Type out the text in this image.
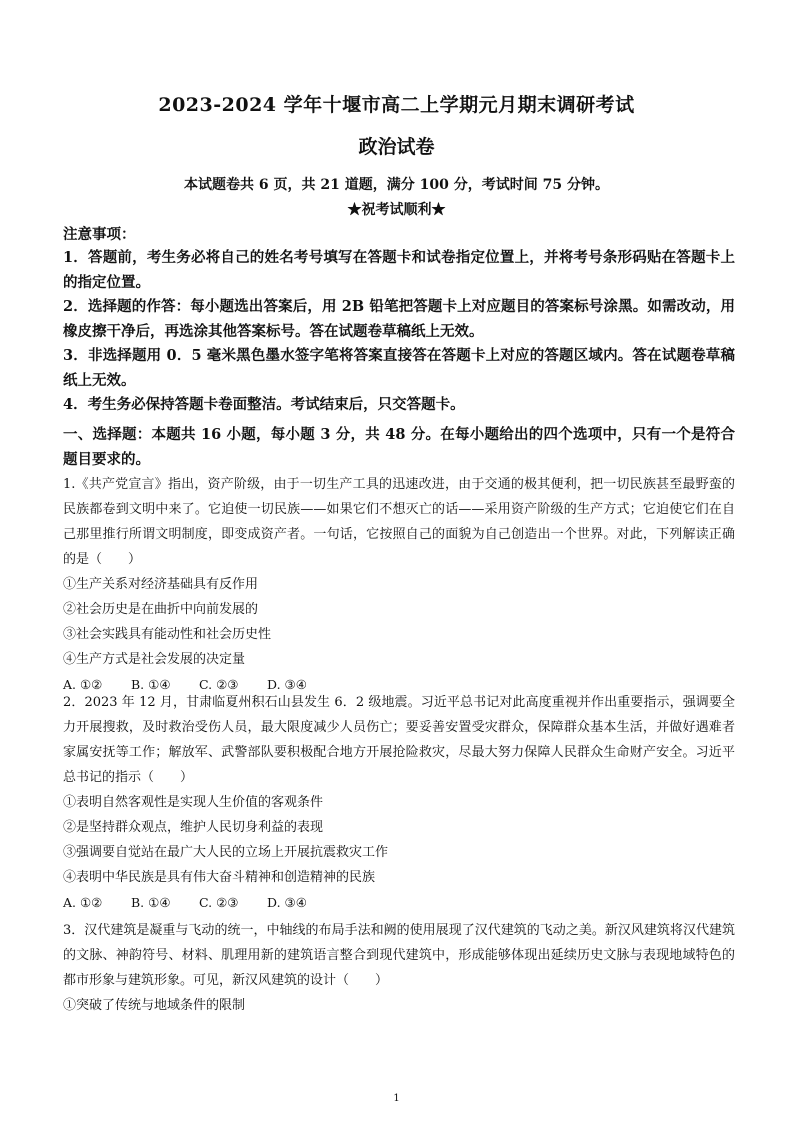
2023-2024 学年十堰市高二上学期元月期末调研考试
政治试卷
本试题卷共 6 页，共 21 道题，满分 100 分，考试时间 75 分钟。
★祝考试顺利★
注意事项：

1．答题前，考生务必将自己的姓名考号填写在答题卡和试卷指定位置上，并将考号条形码贴在答题卡上的指定位置。

2．选择题的作答：每小题选出答案后，用 2B 铅笔把答题卡上对应题目的答案标号涂黑。如需改动，用橡皮擦干净后，再选涂其他答案标号。答在试题卷草稿纸上无效。

3．非选择题用 0．5 毫米黑色墨水签字笔将答案直接答在答题卡上对应的答题区域内。答在试题卷草稿纸上无效。

4．考生务必保持答题卡卷面整洁。考试结束后，只交答题卡。

一、选择题：本题共 16 小题，每小题 3 分，共 48 分。在每小题给出的四个选项中，只有一个是符合题目要求的。

1.《共产党宣言》指出，资产阶级，由于一切生产工具的迅速改进，由于交通的极其便利，把一切民族甚至最野蛮的民族都卷到文明中来了。它迫使一切民族——如果它们不想灭亡的话——采用资产阶级的生产方式；它迫使它们在自己那里推行所谓文明制度，即变成资产者。一句话，它按照自己的面貌为自己创造出一个世界。对此，下列解读正确的是（　　）

①生产关系对经济基础具有反作用

②社会历史是在曲折中向前发展的

③社会实践具有能动性和社会历史性

④生产方式是社会发展的决定量

A. ①② B. ①④ C. ②③ D. ③④

2．2023 年 12 月，甘肃临夏州积石山县发生 6．2 级地震。习近平总书记对此高度重视并作出重要指示，强调要全力开展搜救，及时救治受伤人员，最大限度减少人员伤亡；要妥善安置受灾群众，保障群众基本生活，并做好遇难者家属安抚等工作；解放军、武警部队要积极配合地方开展抢险救灾，尽最大努力保障人民群众生命财产安全。习近平总书记的指示（　　）

①表明自然客观性是实现人生价值的客观条件

②是坚持群众观点，维护人民切身利益的表现

③强调要自觉站在最广大人民的立场上开展抗震救灾工作

④表明中华民族是具有伟大奋斗精神和创造精神的民族

A. ①② B. ①④ C. ②③ D. ③④

3．汉代建筑是凝重与飞动的统一，中轴线的布局手法和阙的使用展现了汉代建筑的飞动之美。新汉风建筑将汉代建筑的文脉、神韵符号、材料、肌理用新的建筑语言整合到现代建筑中，形成能够体现出延续历史文脉与表现地域特色的都市形象与建筑形象。可见，新汉风建筑的设计（　　）

①突破了传统与地域条件的限制

1
